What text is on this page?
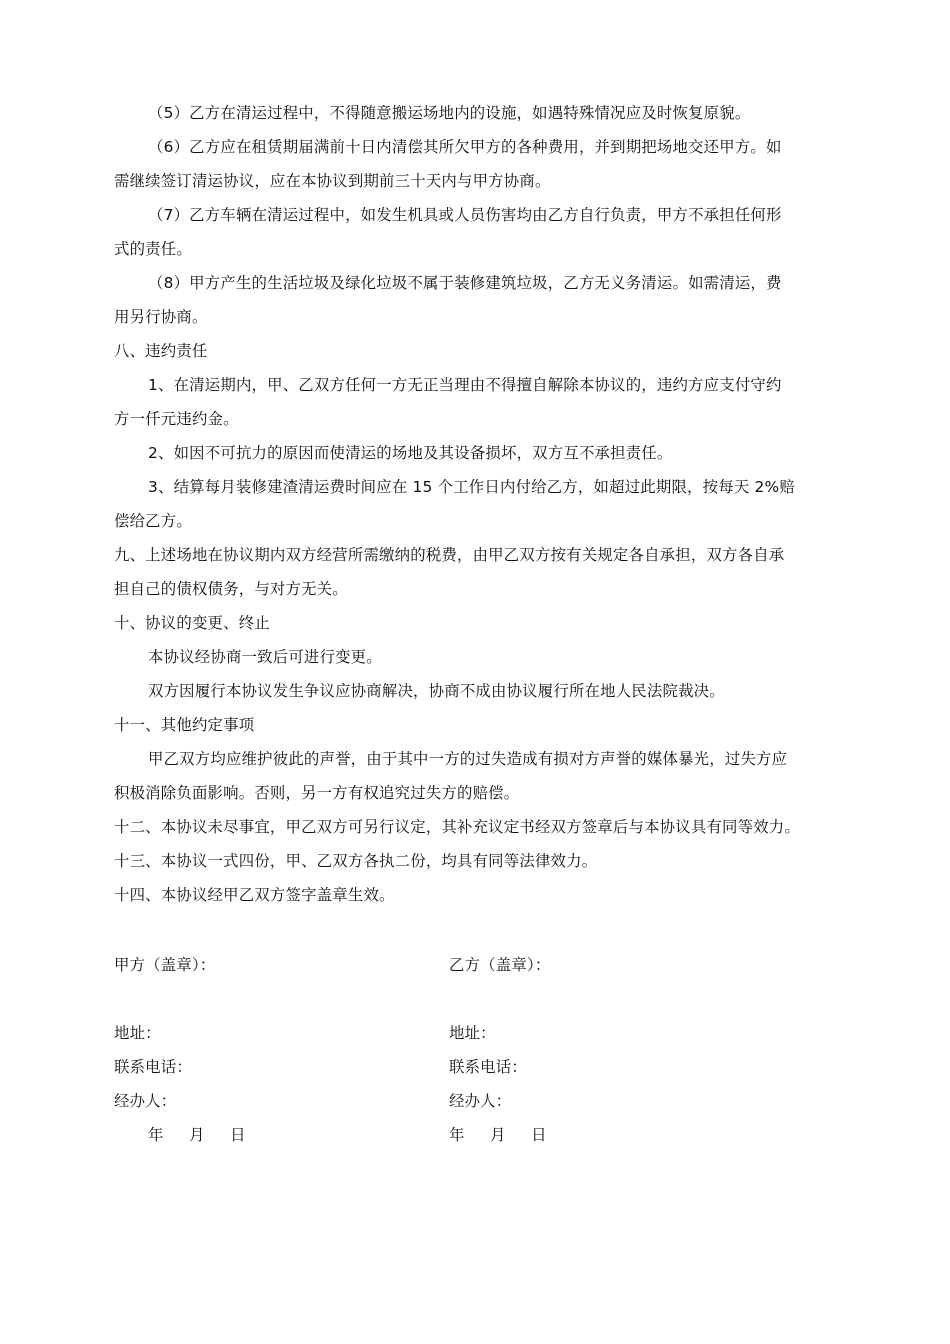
（5）乙方在清运过程中，不得随意搬运场地内的设施，如遇特殊情况应及时恢复原貌。
（6）乙方应在租赁期届满前十日内清偿其所欠甲方的各种费用，并到期把场地交还甲方。如
需继续签订清运协议，应在本协议到期前三十天内与甲方协商。
（7）乙方车辆在清运过程中，如发生机具或人员伤害均由乙方自行负责，甲方不承担任何形
式的责任。
（8）甲方产生的生活垃圾及绿化垃圾不属于装修建筑垃圾，乙方无义务清运。如需清运，费
用另行协商。
八、违约责任
1、在清运期内，甲、乙双方任何一方无正当理由不得擅自解除本协议的，违约方应支付守约
方一仟元违约金。
2、如因不可抗力的原因而使清运的场地及其设备损坏，双方互不承担责任。
3、结算每月装修建渣清运费时间应在 15 个工作日内付给乙方，如超过此期限，按每天 2%赔
偿给乙方。
九、上述场地在协议期内双方经营所需缴纳的税费，由甲乙双方按有关规定各自承担，双方各自承
担自己的债权债务，与对方无关。
十、协议的变更、终止
本协议经协商一致后可进行变更。
双方因履行本协议发生争议应协商解决，协商不成由协议履行所在地人民法院裁决。
十一、其他约定事项
甲乙双方均应维护彼此的声誉，由于其中一方的过失造成有损对方声誉的媒体暴光，过失方应
积极消除负面影响。否则，另一方有权追究过失方的赔偿。
十二、本协议未尽事宜，甲乙双方可另行议定，其补充议定书经双方签章后与本协议具有同等效力。
十三、本协议一式四份，甲、乙双方各执二份，均具有同等法律效力。
十四、本协议经甲乙双方签字盖章生效。
甲方（盖章）：
地址：
联系电话：
经办人：
年 月 日
乙方（盖章）：
地址：
联系电话：
经办人：
年 月 日
